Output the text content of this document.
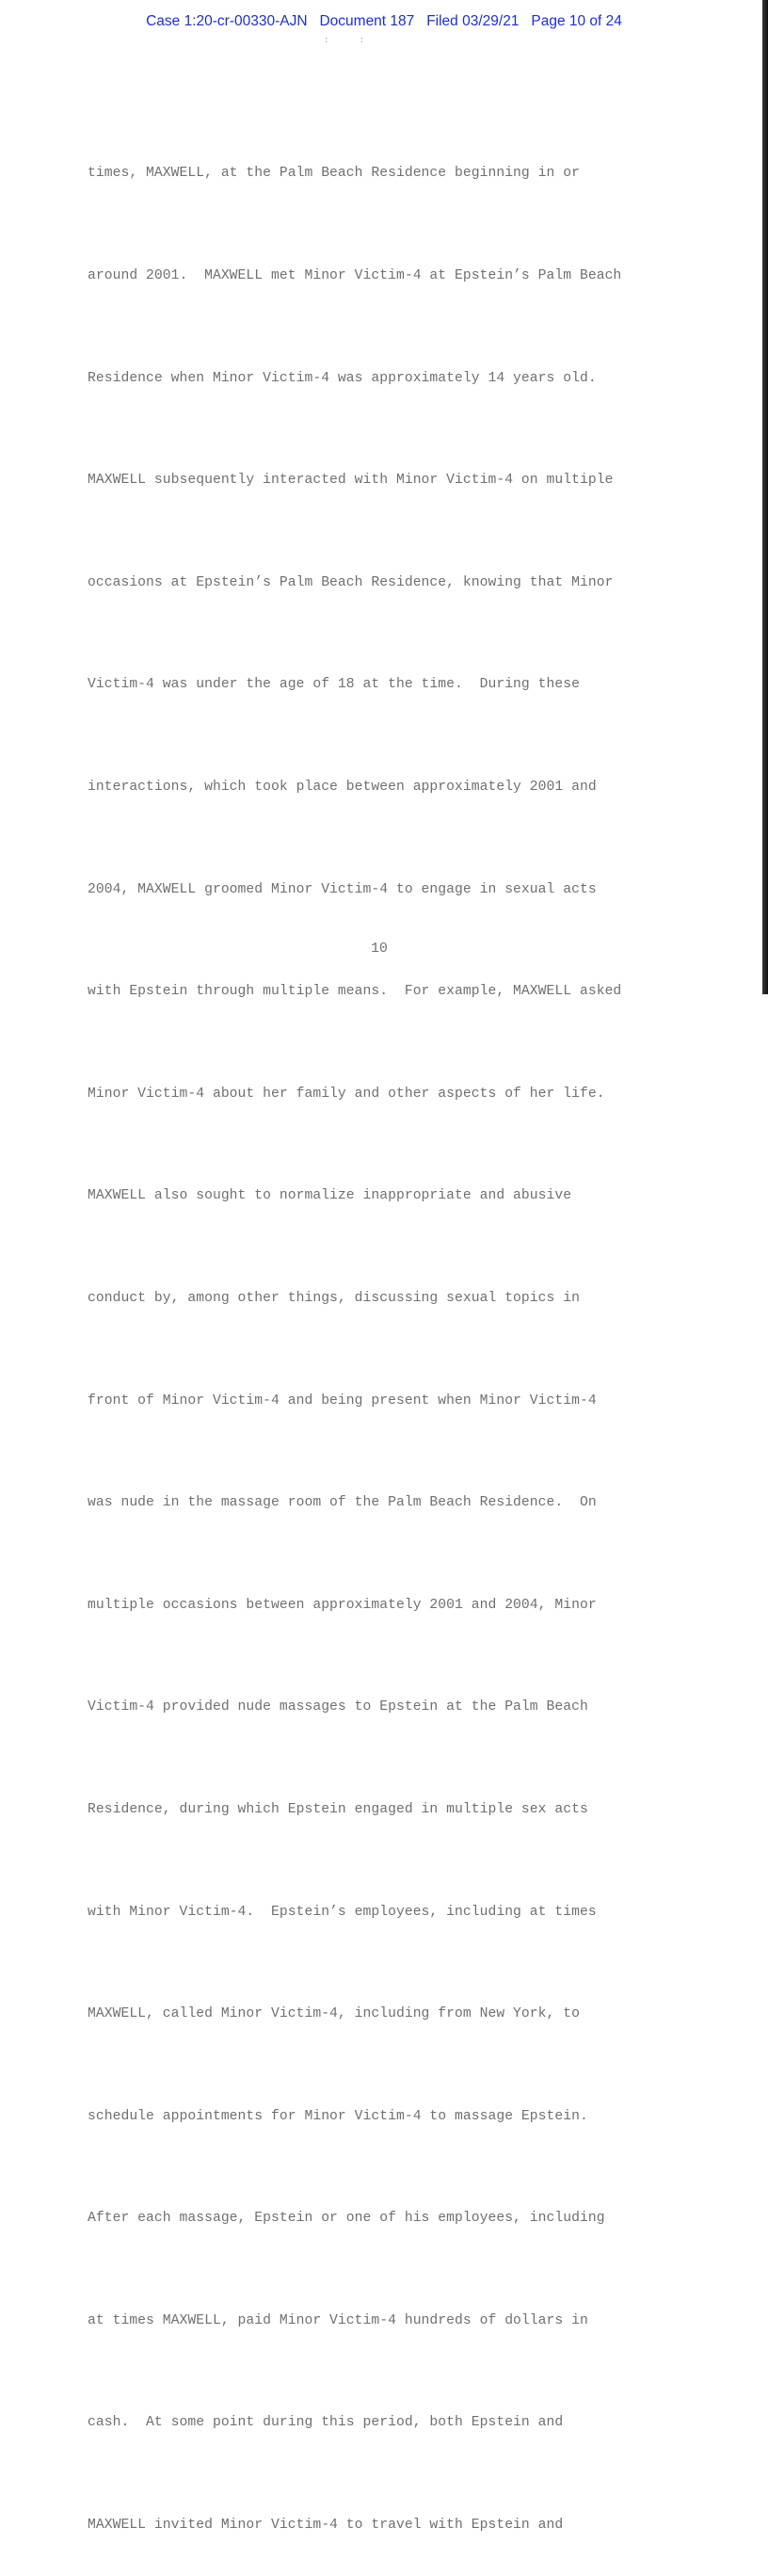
Case 1:20-cr-00330-AJN Document 187 Filed 03/29/21 Page 10 of 24
:      :

times, MAXWELL, at the Palm Beach Residence beginning in or

around 2001.  MAXWELL met Minor Victim-4 at Epstein’s Palm Beach

Residence when Minor Victim-4 was approximately 14 years old.

MAXWELL subsequently interacted with Minor Victim-4 on multiple

occasions at Epstein’s Palm Beach Residence, knowing that Minor

Victim-4 was under the age of 18 at the time.  During these

interactions, which took place between approximately 2001 and

2004, MAXWELL groomed Minor Victim-4 to engage in sexual acts

with Epstein through multiple means.  For example, MAXWELL asked

Minor Victim-4 about her family and other aspects of her life.

MAXWELL also sought to normalize inappropriate and abusive

conduct by, among other things, discussing sexual topics in

front of Minor Victim-4 and being present when Minor Victim-4

was nude in the massage room of the Palm Beach Residence.  On

multiple occasions between approximately 2001 and 2004, Minor

Victim-4 provided nude massages to Epstein at the Palm Beach

Residence, during which Epstein engaged in multiple sex acts

with Minor Victim-4.  Epstein’s employees, including at times

MAXWELL, called Minor Victim-4, including from New York, to

schedule appointments for Minor Victim-4 to massage Epstein.

After each massage, Epstein or one of his employees, including

at times MAXWELL, paid Minor Victim-4 hundreds of dollars in

cash.  At some point during this period, both Epstein and

MAXWELL invited Minor Victim-4 to travel with Epstein and

10
